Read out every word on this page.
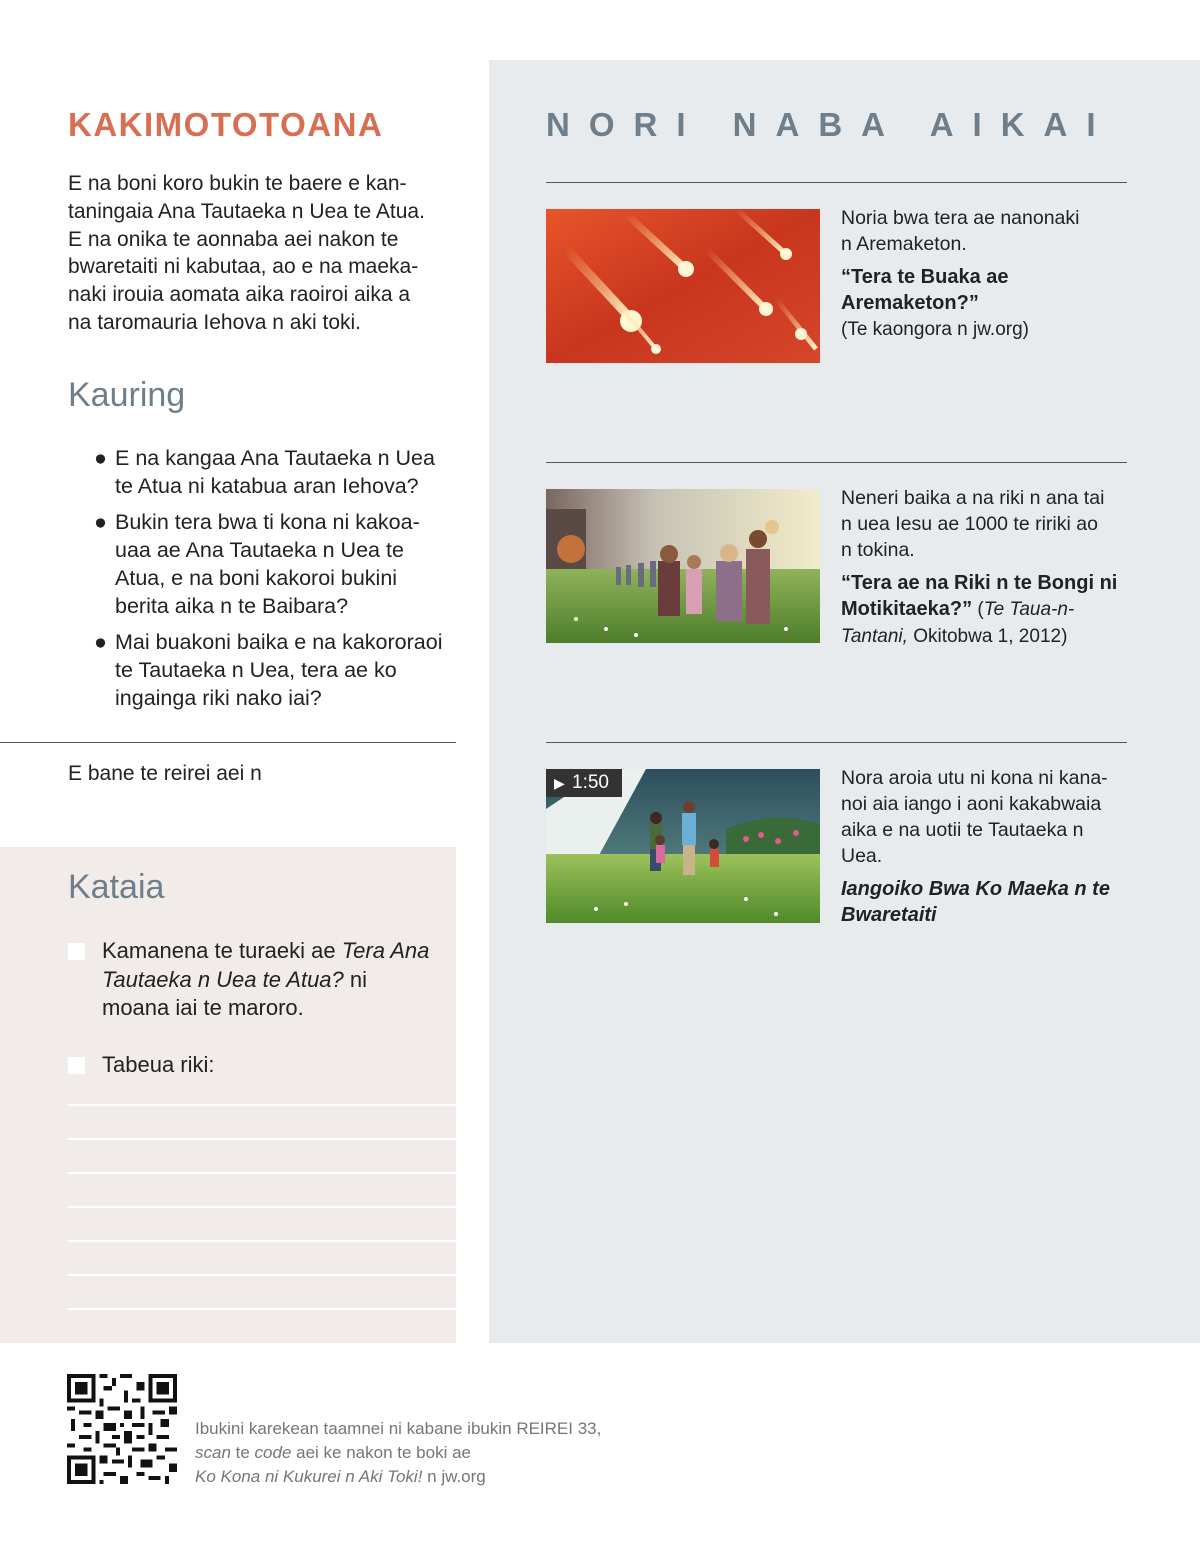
KAKIMOTOTOANA

E na boni koro bukin te baere e kan-
taningaia Ana Tautaeka n Uea te Atua.
E na onika te aonnaba aei nakon te
bwaretaiti ni kabutaa, ao e na maeka-
naki irouia aomata aika raoiroi aika a
na taromauria Iehova n aki toki.

Kauring
● E na kangaa Ana Tautaeka n Uea
te Atua ni katabua aran Iehova?
● Bukin tera bwa ti kona ni kakoa-
uaa ae Ana Tautaeka n Uea te
Atua, e na boni kakoroi bukini
berita aika n te Baibara?
● Mai buakoni baika e na kakororaoi
te Tautaeka n Uea, tera ae ko
ingainga riki nako iai?

E bane te reirei aei n

Kataia
Kamanena te turaeki ae Tera Ana Tautaeka n Uea te Atua? ni moana iai te maroro.
Tabeua riki:
NORI NABA AIKAI

Noria bwa tera ae nanonaki
n Aremaketon.

“Tera te Buaka ae Aremaketon?”
(Te kaongora n jw.org)

Neneri baika a na riki n ana tai
n uea Iesu ae 1000 te ririki ao
n tokina.

“Tera ae na Riki n te Bongi ni Motikitaeka?” (Te Taua-n-Tantani, Okitobwa 1, 2012)

▶ 1:50	Nora aroia utu ni kona ni kana-
noi aia iango i aoni kakabwaia
aika e na uotii te Tautaeka n
Uea.

Iangoiko Bwa Ko Maeka n te Bwaretaiti

Ibukini karekean taamnei ni kabane ibukin REIREI 33,
scan te code aei ke nakon te boki ae
Ko Kona ni Kukurei n Aki Toki! n jw.org
